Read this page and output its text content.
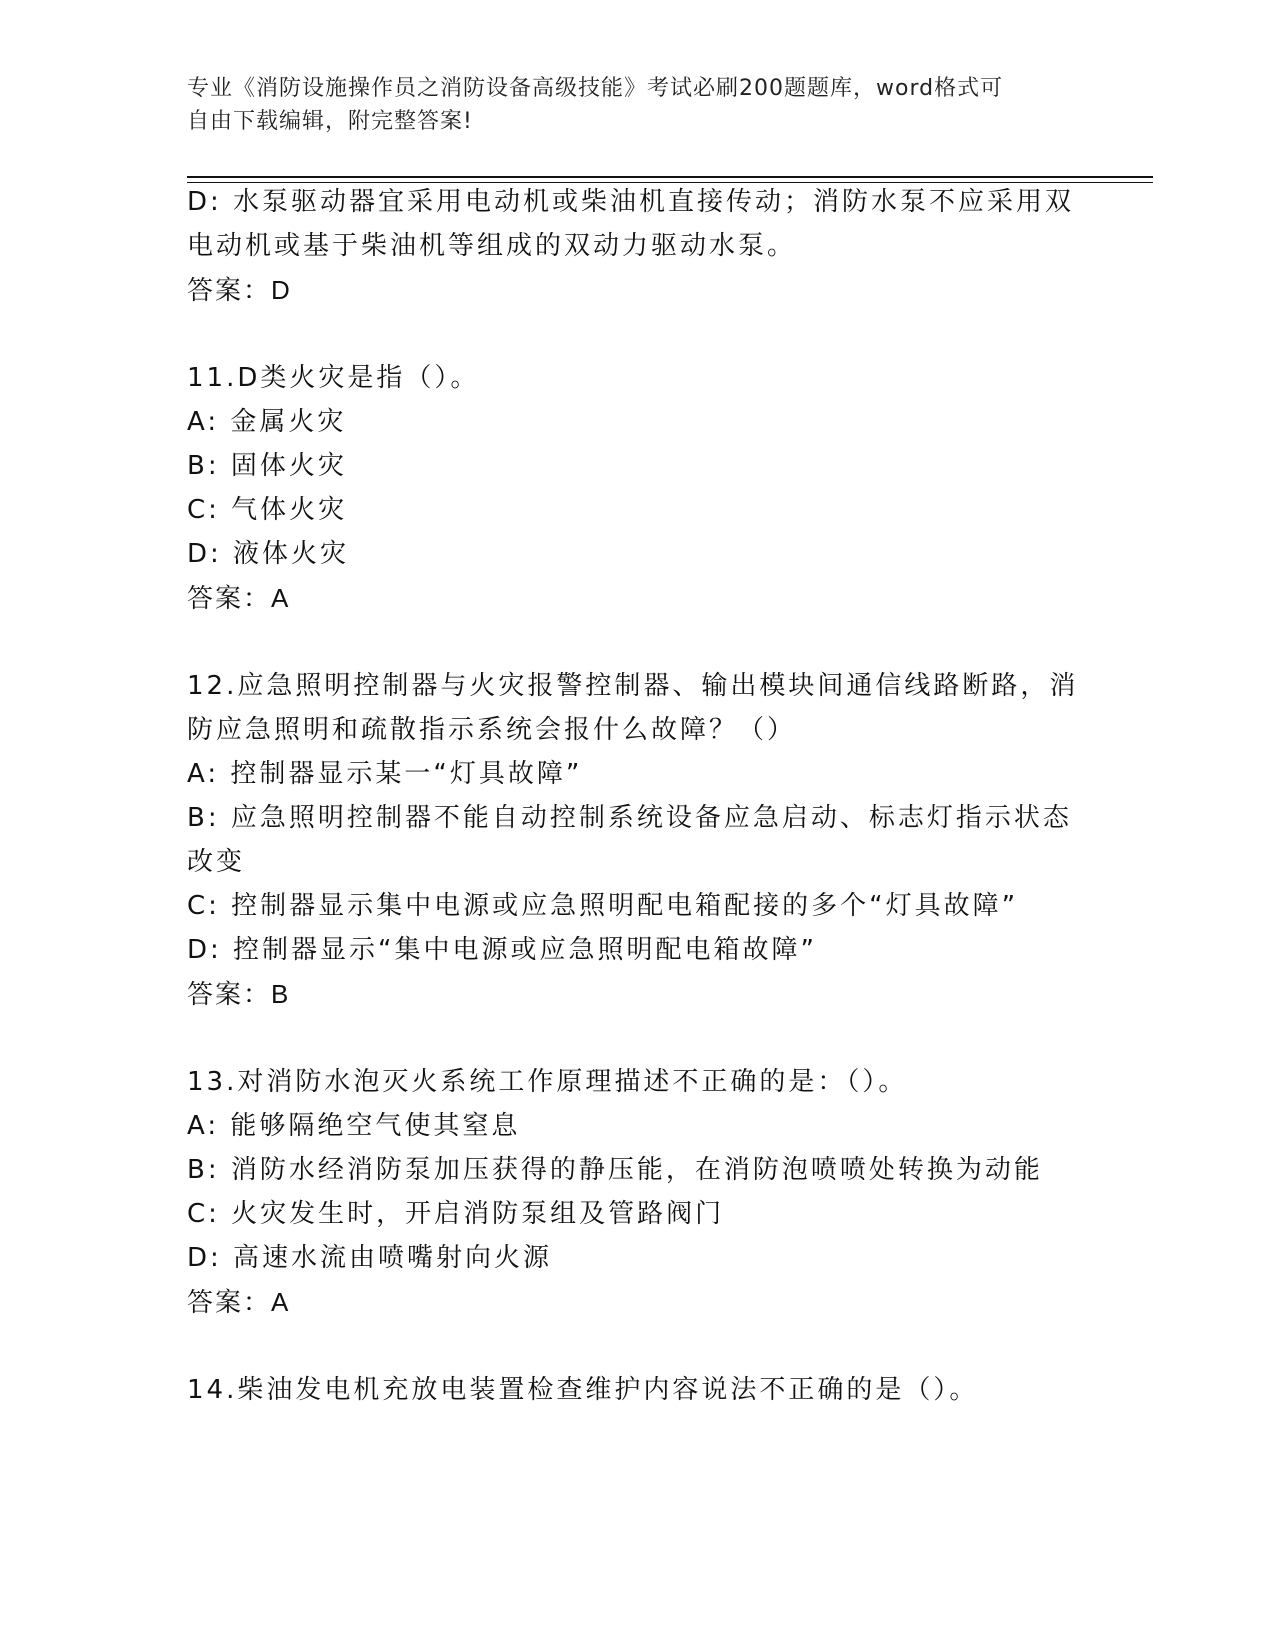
专业《消防设施操作员之消防设备高级技能》考试必刷200题题库，word格式可
自由下载编辑，附完整答案!
D: 水泵驱动器宜采用电动机或柴油机直接传动；消防水泵不应采用双
电动机或基于柴油机等组成的双动力驱动水泵。
答案：D
11.D类火灾是指（）。
A: 金属火灾
B: 固体火灾
C: 气体火灾
D: 液体火灾
答案：A
12.应急照明控制器与火灾报警控制器、输出模块间通信线路断路，消
防应急照明和疏散指示系统会报什么故障？（）
A: 控制器显示某一“灯具故障”
B: 应急照明控制器不能自动控制系统设备应急启动、标志灯指示状态
改变
C: 控制器显示集中电源或应急照明配电箱配接的多个“灯具故障”
D: 控制器显示“集中电源或应急照明配电箱故障”
答案：B
13.对消防水泡灭火系统工作原理描述不正确的是：（）。
A: 能够隔绝空气使其窒息
B: 消防水经消防泵加压获得的静压能，在消防泡喷喷处转换为动能
C: 火灾发生时，开启消防泵组及管路阀门
D: 高速水流由喷嘴射向火源
答案：A
14.柴油发电机充放电装置检查维护内容说法不正确的是（）。
